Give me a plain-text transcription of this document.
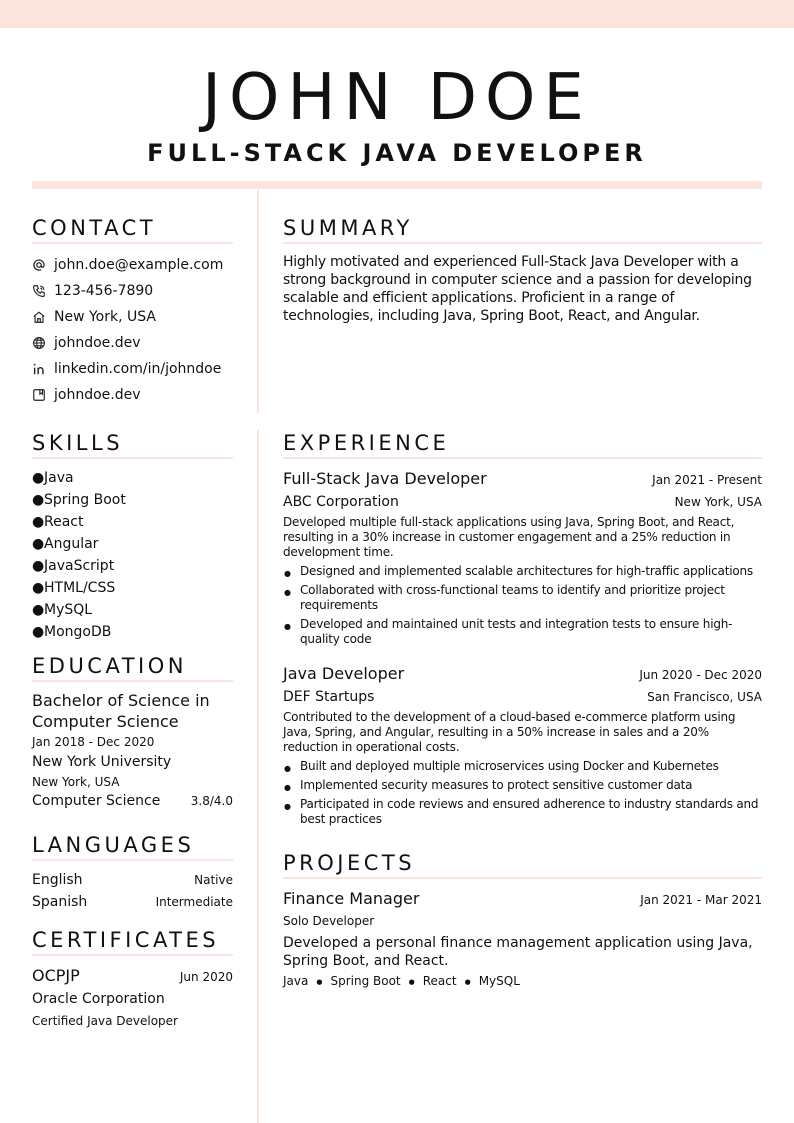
JOHN DOE
FULL-STACK JAVA DEVELOPER
CONTACT
john.doe@example.com
123-456-7890
New York, USA
johndoe.dev
linkedin.com/in/johndoe
johndoe.dev
SUMMARY
Highly motivated and experienced Full-Stack Java Developer with a strong background in computer science and a passion for developing scalable and efficient applications. Proficient in a range of technologies, including Java, Spring Boot, React, and Angular.
SKILLS
●Java
●Spring Boot
●React
●Angular
●JavaScript
●HTML/CSS
●MySQL
●MongoDB
EDUCATION
Bachelor of Science in Computer Science
Jan 2018 - Dec 2020
New York University
New York, USA
Computer Science	3.8/4.0
LANGUAGES
English	Native
Spanish	Intermediate
CERTIFICATES
OCPJP	Jun 2020
Oracle Corporation
Certified Java Developer
EXPERIENCE
Full-Stack Java Developer	Jan 2021 - Present
ABC Corporation	New York, USA
Developed multiple full-stack applications using Java, Spring Boot, and React, resulting in a 30% increase in customer engagement and a 25% reduction in development time.
● Designed and implemented scalable architectures for high-traffic applications
● Collaborated with cross-functional teams to identify and prioritize project requirements
● Developed and maintained unit tests and integration tests to ensure high-quality code
Java Developer	Jun 2020 - Dec 2020
DEF Startups	San Francisco, USA
Contributed to the development of a cloud-based e-commerce platform using Java, Spring, and Angular, resulting in a 50% increase in sales and a 20% reduction in operational costs.
● Built and deployed multiple microservices using Docker and Kubernetes
● Implemented security measures to protect sensitive customer data
● Participated in code reviews and ensured adherence to industry standards and best practices
PROJECTS
Finance Manager	Jan 2021 - Mar 2021
Solo Developer
Developed a personal finance management application using Java, Spring Boot, and React.
Java ● Spring Boot ● React ● MySQL
